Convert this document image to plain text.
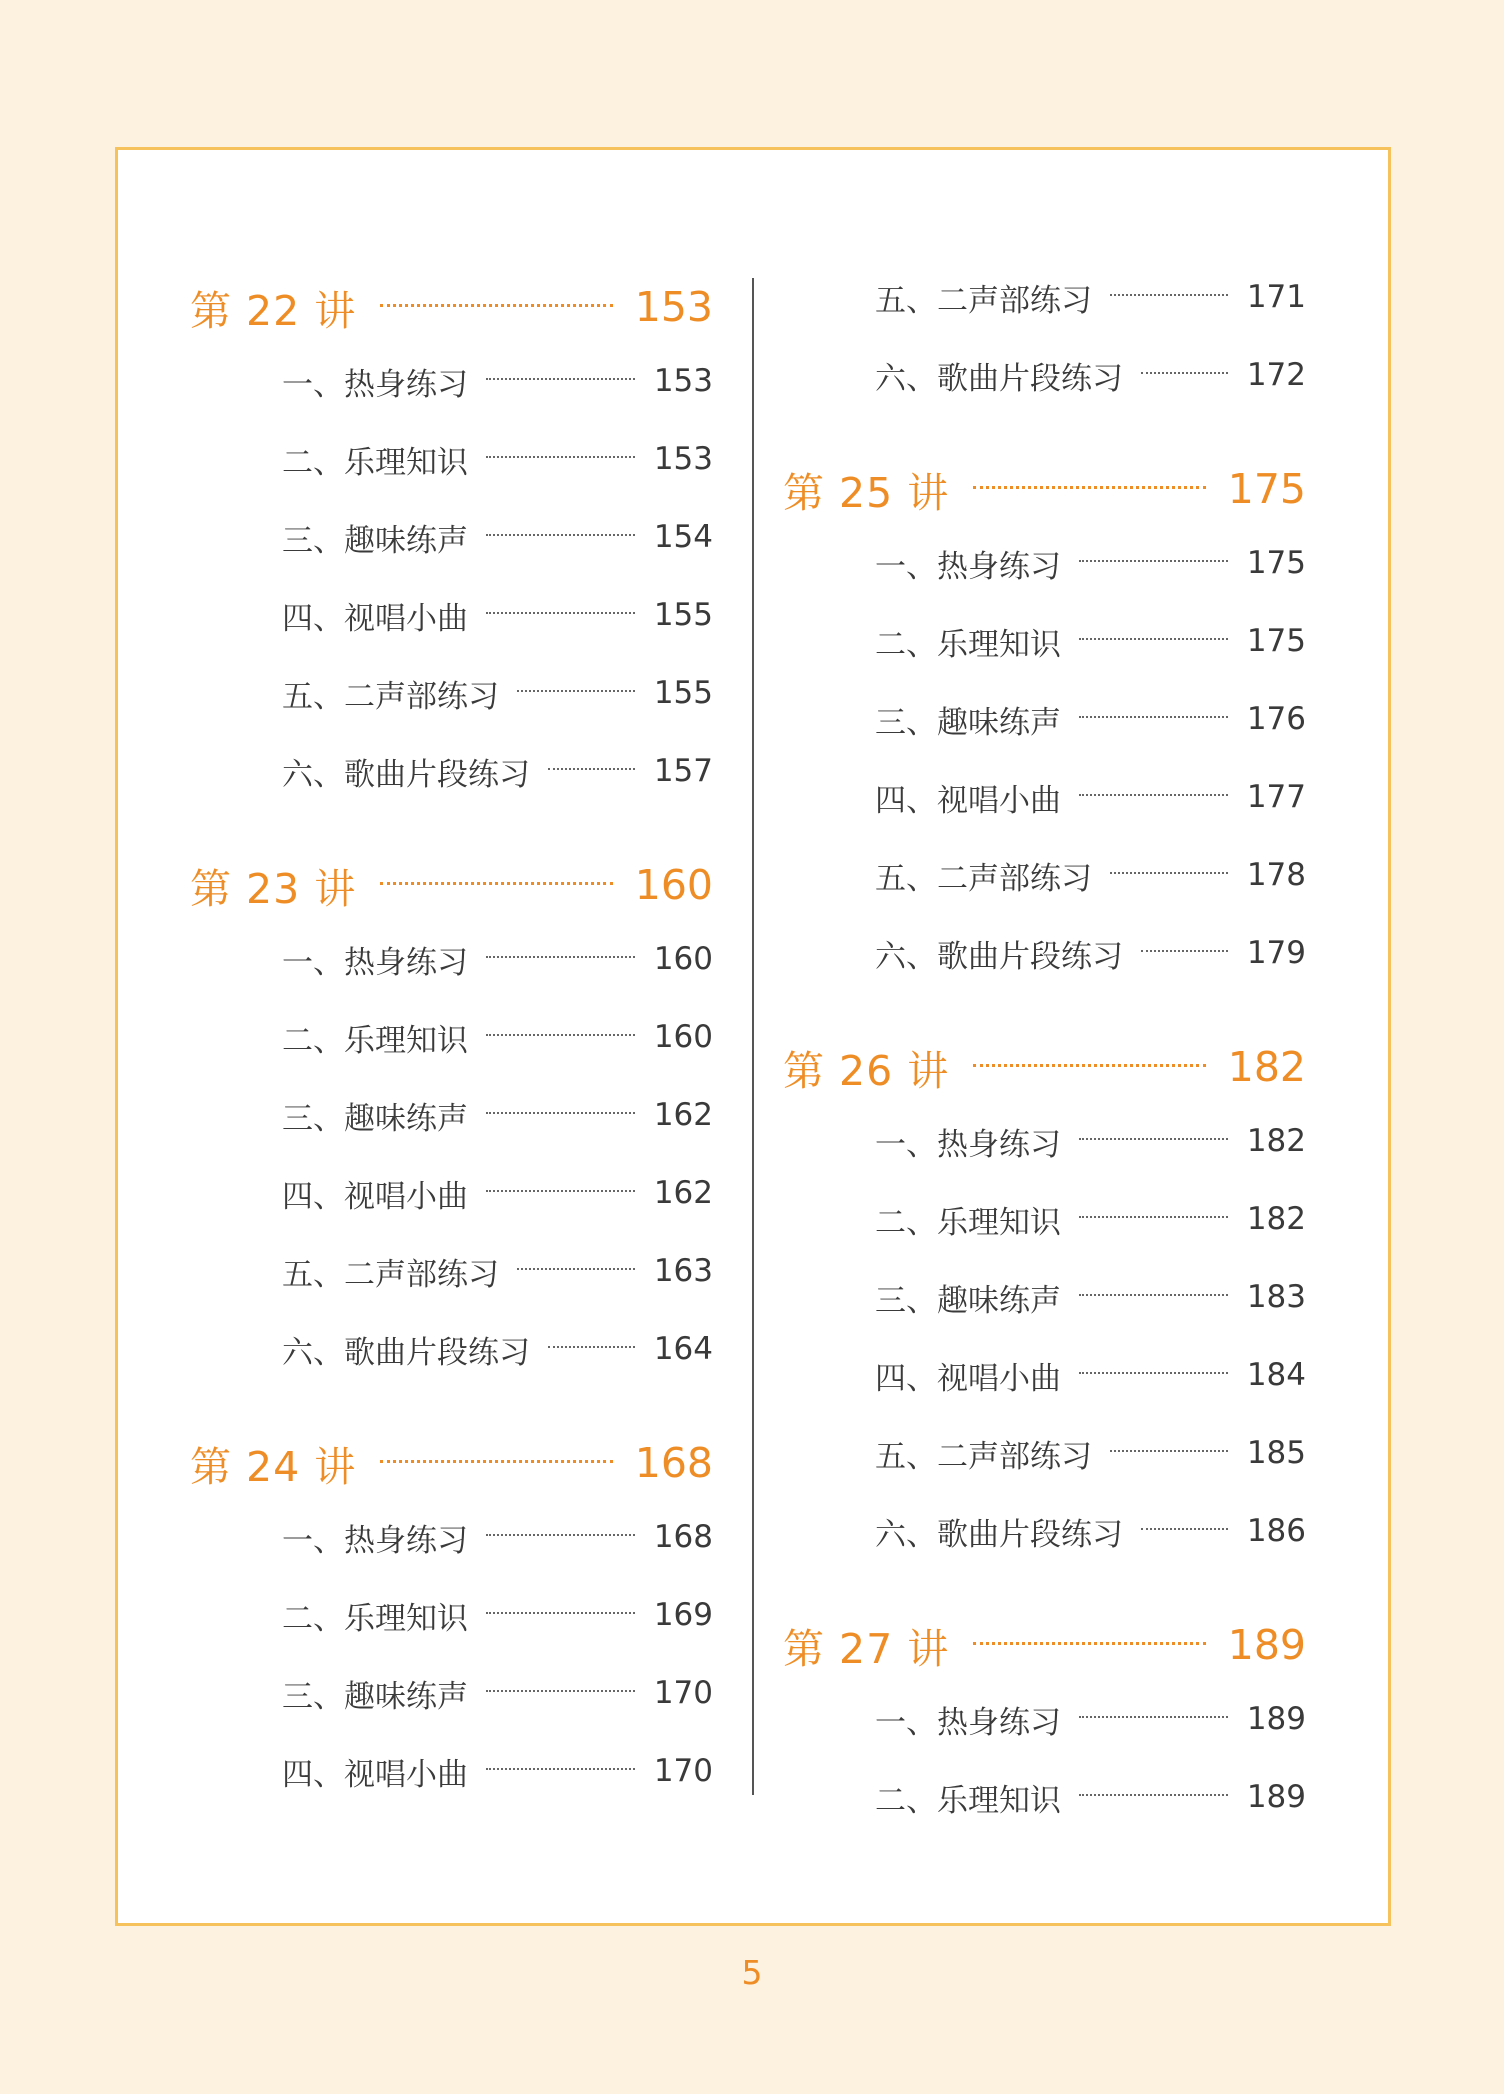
第 22 讲	153
一、热身练习	153
二、乐理知识	153
三、趣味练声	154
四、视唱小曲	155
五、二声部练习	155
六、歌曲片段练习	157
第 23 讲	160
一、热身练习	160
二、乐理知识	160
三、趣味练声	162
四、视唱小曲	162
五、二声部练习	163
六、歌曲片段练习	164
第 24 讲	168
一、热身练习	168
二、乐理知识	169
三、趣味练声	170
四、视唱小曲	170
五、二声部练习	171
六、歌曲片段练习	172
第 25 讲	175
一、热身练习	175
二、乐理知识	175
三、趣味练声	176
四、视唱小曲	177
五、二声部练习	178
六、歌曲片段练习	179
第 26 讲	182
一、热身练习	182
二、乐理知识	182
三、趣味练声	183
四、视唱小曲	184
五、二声部练习	185
六、歌曲片段练习	186
第 27 讲	189
一、热身练习	189
二、乐理知识	189
5
